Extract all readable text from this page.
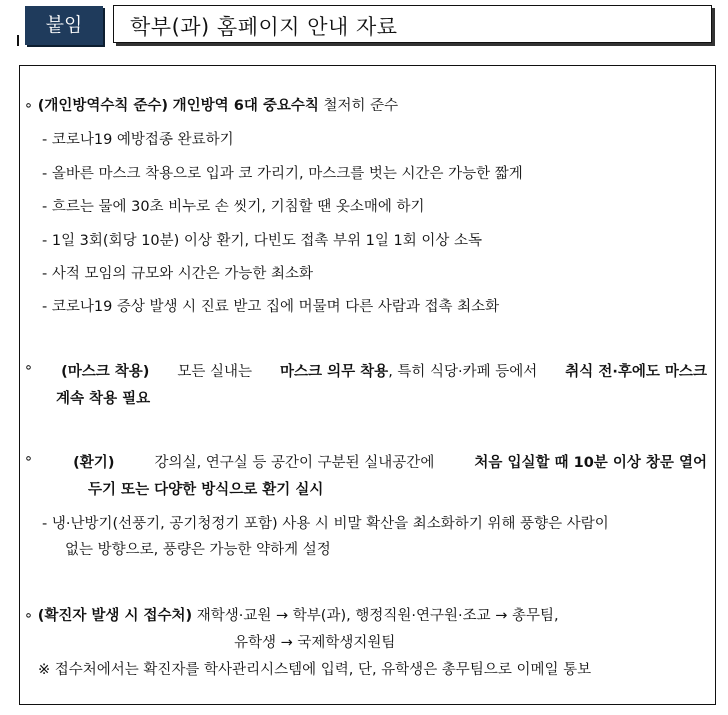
붙임	학부(과) 홈페이지 안내 자료
∘ (개인방역수칙 준수) 개인방역 6대 중요수칙 철저히 준수
- 코로나19 예방접종 완료하기
- 올바른 마스크 착용으로 입과 코 가리기, 마스크를 벗는 시간은 가능한 짧게
- 흐르는 물에 30초 비누로 손 씻기, 기침할 땐 옷소매에 하기
- 1일 3회(회당 10분) 이상 환기, 다빈도 접촉 부위 1일 1회 이상 소독
- 사적 모임의 규모와 시간은 가능한 최소화
- 코로나19 증상 발생 시 진료 받고 집에 머물며 다른 사람과 접촉 최소화
∘ (마스크 착용) 모든 실내는 마스크 의무 착용, 특히 식당·카페 등에서 취식 전·후에도 마스크
계속 착용 필요
∘	(환기)	강의실, 연구실 등 공간이 구분된 실내공간에	처음 입실할 때 10분 이상 창문 열어
두기 또는 다양한 방식으로 환기 실시
- 냉·난방기(선풍기, 공기청정기 포함) 사용 시 비말 확산을 최소화하기 위해 풍향은 사람이
없는 방향으로, 풍량은 가능한 약하게 설정
∘ (확진자 발생 시 접수처) 재학생·교원 → 학부(과), 행정직원·연구원·조교 → 총무팀,
유학생 → 국제학생지원팀
※ 접수처에서는 확진자를 학사관리시스템에 입력, 단, 유학생은 총무팀으로 이메일 통보
